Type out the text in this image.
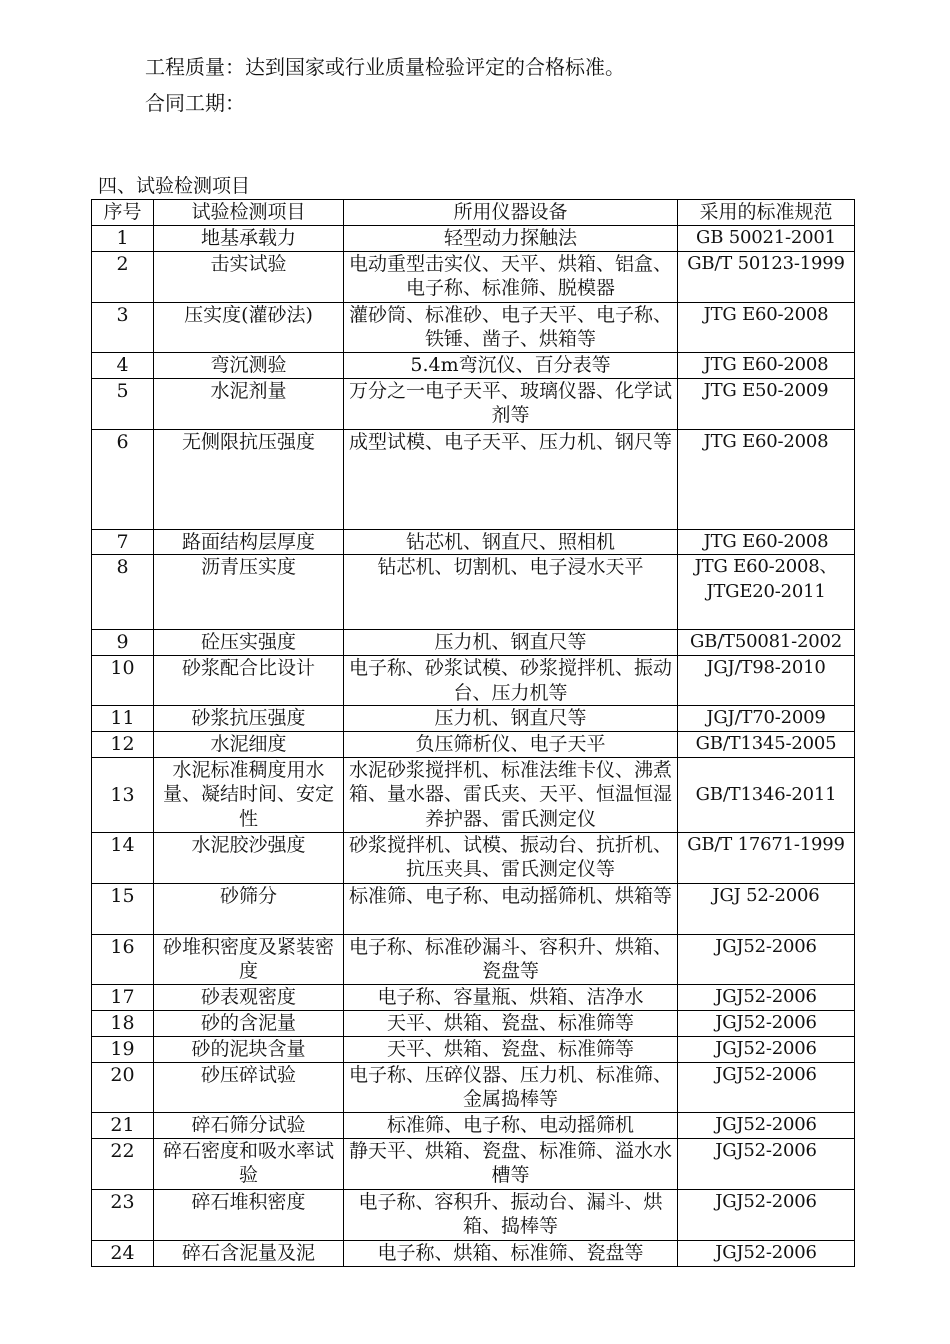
工程质量：达到国家或行业质量检验评定的合格标准。
合同工期：
四、试验检测项目
序号	试验检测项目	所用仪器设备	采用的标准规范
1	地基承载力	轻型动力探触法	GB 50021-2001
2	击实试验	电动重型击实仪、天平、烘箱、铝盒、电子称、标准筛、脱模器	GB/T 50123-1999
3	压实度(灌砂法)	灌砂筒、标准砂、电子天平、电子称、铁锤、凿子、烘箱等	JTG E60-2008
4	弯沉测验	5.4m弯沉仪、百分表等	JTG E60-2008
5	水泥剂量	万分之一电子天平、玻璃仪器、化学试剂等	JTG E50-2009
6	无侧限抗压强度	成型试模、电子天平、压力机、钢尺等	JTG E60-2008
7	路面结构层厚度	钻芯机、钢直尺、照相机	JTG E60-2008
8	沥青压实度	钻芯机、切割机、电子浸水天平	JTG E60-2008、JTGE20-2011
9	砼压实强度	压力机、钢直尺等	GB/T50081-2002
10	砂浆配合比设计	电子称、砂浆试模、砂浆搅拌机、振动台、压力机等	JGJ/T98-2010
11	砂浆抗压强度	压力机、钢直尺等	JGJ/T70-2009
12	水泥细度	负压筛析仪、电子天平	GB/T1345-2005
13	水泥标准稠度用水量、凝结时间、安定性	水泥砂浆搅拌机、标准法维卡仪、沸煮箱、量水器、雷氏夹、天平、恒温恒湿养护器、雷氏测定仪	GB/T1346-2011
14	水泥胶沙强度	砂浆搅拌机、试模、振动台、抗折机、抗压夹具、雷氏测定仪等	GB/T 17671-1999
15	砂筛分	标准筛、电子称、电动摇筛机、烘箱等	JGJ 52-2006
16	砂堆积密度及紧装密度	电子称、标准砂漏斗、容积升、烘箱、瓷盘等	JGJ52-2006
17	砂表观密度	电子称、容量瓶、烘箱、洁净水	JGJ52-2006
18	砂的含泥量	天平、烘箱、瓷盘、标准筛等	JGJ52-2006
19	砂的泥块含量	天平、烘箱、瓷盘、标准筛等	JGJ52-2006
20	砂压碎试验	电子称、压碎仪器、压力机、标准筛、金属捣棒等	JGJ52-2006
21	碎石筛分试验	标准筛、电子称、电动摇筛机	JGJ52-2006
22	碎石密度和吸水率试验	静天平、烘箱、瓷盘、标准筛、溢水水槽等	JGJ52-2006
23	碎石堆积密度	电子称、容积升、振动台、漏斗、烘箱、捣棒等	JGJ52-2006
24	碎石含泥量及泥	电子称、烘箱、标准筛、瓷盘等	JGJ52-2006
